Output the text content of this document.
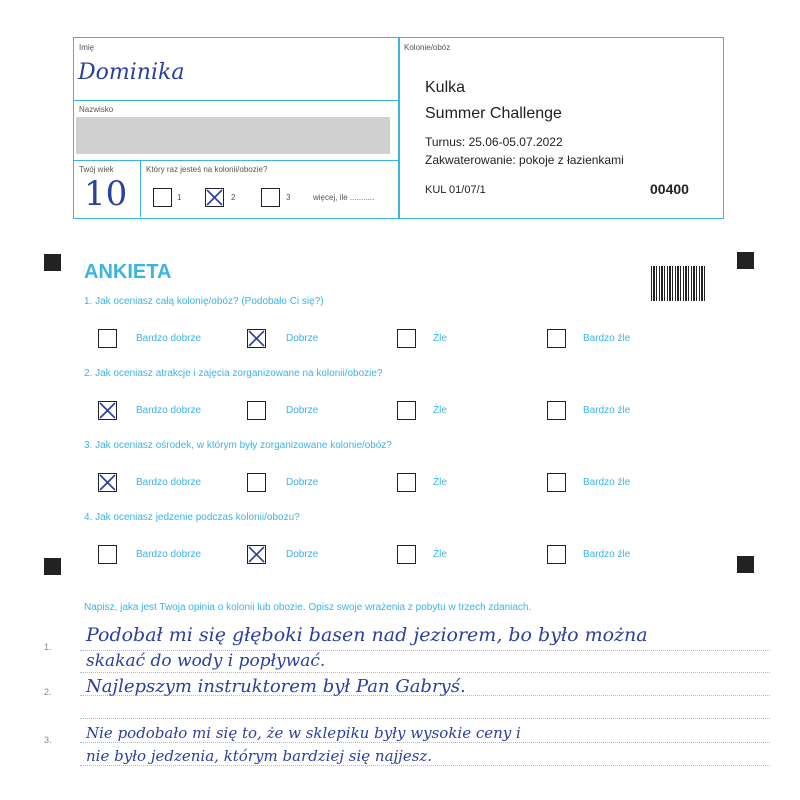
Imię
Dominika
Nazwisko
Twój wiek
10
Który raz jesteś na kolonii/obozie?
1	2	3	więcej, ile ...........
Kolonie/obóz
Kulka
Summer Challenge
Turnus: 25.06-05.07.2022
Zakwaterowanie: pokoje z łazienkami
KUL 01/07/1	00400
ANKIETA
1. Jak oceniasz całą kolonię/obóz? (Podobało Ci się?)
Bardzo dobrze	Dobrze	Źle	Bardzo źle
2. Jak oceniasz atrakcje i zajęcia zorganizowane na kolonii/obozie?
Bardzo dobrze	Dobrze	Źle	Bardzo źle
3. Jak oceniasz ośrodek, w którym były zorganizowane kolonie/obóz?
Bardzo dobrze	Dobrze	Źle	Bardzo źle
4. Jak oceniasz jedzenie podczas kolonii/obozu?
Bardzo dobrze	Dobrze	Źle	Bardzo źle
Napisz, jaka jest Twoja opinia o kolonii lub obozie. Opisz swoje wrażenia z pobytu w trzech zdaniach.
1.
2.
3.
Podobał mi się głęboki basen nad jeziorem, bo było można
skakać do wody i popływać.
Najlepszym instruktorem był Pan Gabryś.
Nie podobało mi się to, że w sklepiku były wysokie ceny i
nie było jedzenia, którym bardziej się najjesz.
